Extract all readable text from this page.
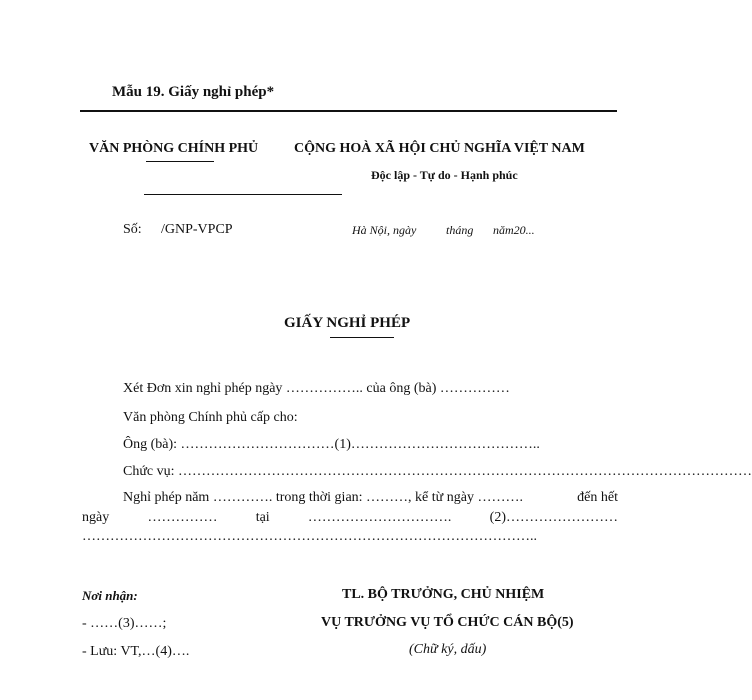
Mẫu 19. Giấy nghỉ phép*
VĂN PHÒNG CHÍNH PHỦ	CỘNG HOÀ XÃ HỘI CHỦ NGHĨA VIỆT NAM
Độc lập - Tự do - Hạnh phúc
Số: /GNP-VPCP	Hà Nội, ngày tháng năm20...
GIẤY NGHỈ PHÉP
Xét Đơn xin nghỉ phép ngày …………….. của ông (bà) ……………
Văn phòng Chính phủ cấp cho:
Ông (bà): ……………………………(1)…………………………………..
Chức vụ: ……………………………………………………………………………………………………………
Nghỉ phép năm …………. trong thời gian: ………, kể từ ngày ……….	đến hết
ngày	……………	tại	………………………….	(2)……………………
……………………………………………………………………………………..
Nơi nhận:
- ……(3)……;
- Lưu: VT,…(4)….
TL. BỘ TRƯỞNG, CHỦ NHIỆM
VỤ TRƯỞNG VỤ TỔ CHỨC CÁN BỘ(5)
(Chữ ký, dấu)
